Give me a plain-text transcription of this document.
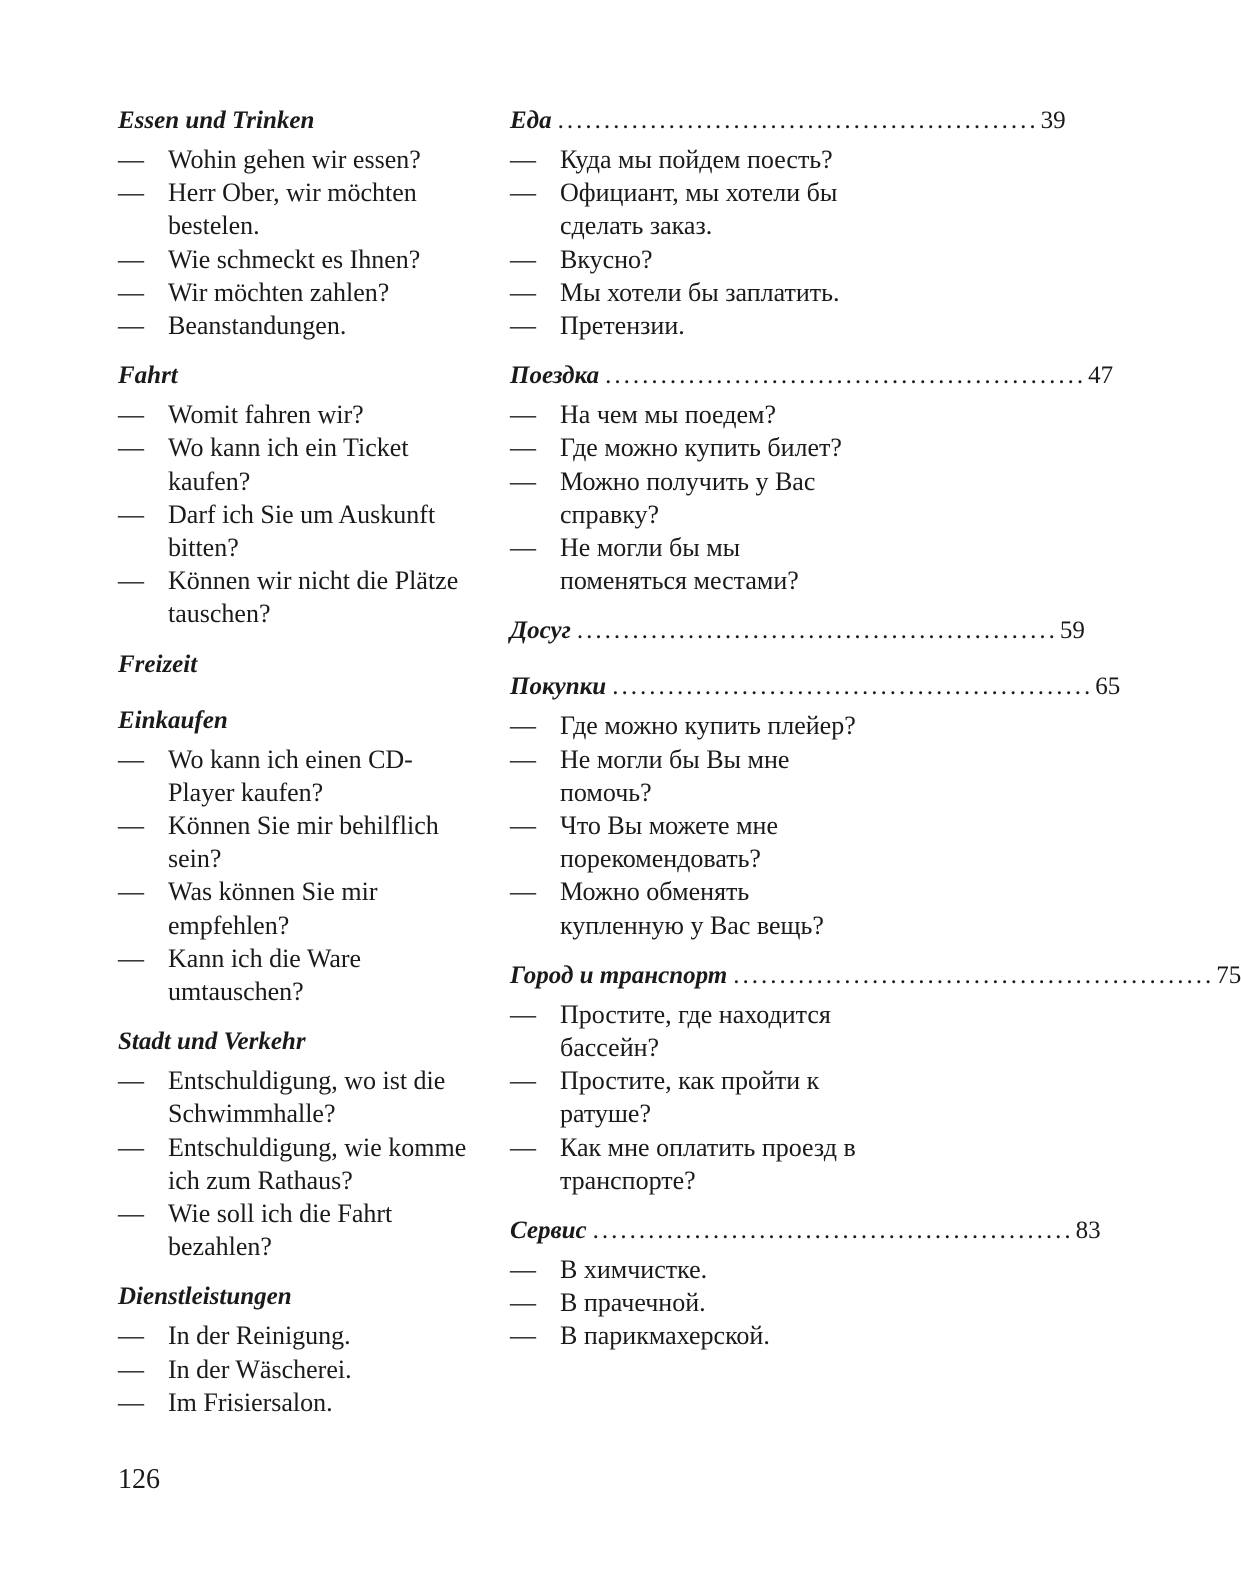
Essen und Trinken
— Wohin gehen wir essen?
— Herr Ober, wir möchten bestelen.
— Wie schmeckt es Ihnen?
— Wir möchten zahlen?
— Beanstandungen.
Fahrt
— Womit fahren wir?
— Wo kann ich ein Ticket kaufen?
— Darf ich Sie um Auskunft bitten?
— Können wir nicht die Plätze tauschen?
Freizeit
Einkaufen
— Wo kann ich einen CD-Player kaufen?
— Können Sie mir behilflich sein?
— Was können Sie mir empfehlen?
— Kann ich die Ware umtauschen?
Stadt und Verkehr
— Entschuldigung, wo ist die Schwimmhalle?
— Entschuldigung, wie komme ich zum Rathaus?
— Wie soll ich die Fahrt bezahlen?
Dienstleistungen
— In der Reinigung.
— In der Wäscherei.
— Im Frisiersalon.
Еда .................................................... 39
— Куда мы пойдем поесть?
— Официант, мы хотели бы сделать заказ.
— Вкусно?
— Мы хотели бы заплатить.
— Претензии.
Поездка .................................................... 47
— На чем мы поедем?
— Где можно купить билет?
— Можно получить у Вас справку?
— Не могли бы мы поменяться местами?
Досуг .................................................... 59
Покупки .................................................... 65
— Где можно купить плейер?
— Не могли бы Вы мне помочь?
— Что Вы можете мне порекомендовать?
— Можно обменять купленную у Вас вещь?
Город и транспорт .................................................... 75
— Простите, где находится бассейн?
— Простите, как пройти к ратуше?
— Как мне оплатить проезд в транспорте?
Сервис .................................................... 83
— В химчистке.
— В прачечной.
— В парикмахерской.
126
